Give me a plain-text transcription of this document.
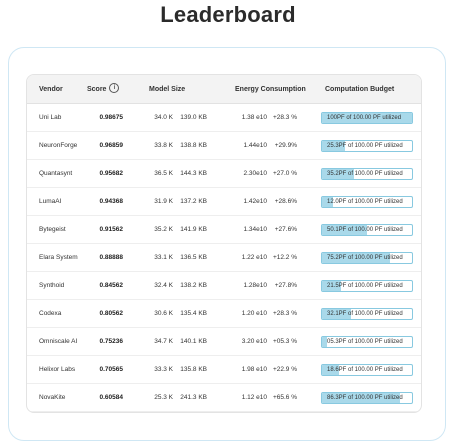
Leaderboard
Vendor	Score i	Model Size	Energy Consumption	Computation Budget
Uni Lab	0.98675	34.0 K 139.0 KB	1.38 e10 +28.3 %	100PF of 100.00 PF utilized
NeuronForge	0.96859	33.8 K 138.8 KB	1.44e10	+29.9%	25.3PF of 100.00 PF utilized
Quantasynt	0.95682	36.5 K 144.3 KB	2.30e10 +27.0 %	35.2PF of 100.00 PF utilized
LumaAI	0.94368	31.9 K 137.2 KB	1.42e10	+28.6%	12.0PF of 100.00 PF utilized
Bytegeist	0.91562	35.2 K 141.9 KB	1.34e10	+27.6%	50.1PF of 100.00 PF utilized
Elara System	0.88888	33.1 K 136.5 KB	1.22 e10 +12.2 %	75.2PF of 100.00 PF utilized
Synthoid	0.84562	32.4 K 138.2 KB	1.28e10	+27.8%	21.5PF of 100.00 PF utilized
Codexa	0.80562	30.6 K 135.4 KB	1.20 e10 +28.3 %	32.1PF of 100.00 PF utilized
Omniscale AI	0.75236	34.7 K 140.1 KB	3.20 e10 +05.3 %	05.3PF of 100.00 PF utilized
Helixor Labs	0.70565	33.3 K 135.8 KB	1.98 e10 +22.9 %	18.6PF of 100.00 PF utilized
NovaKite	0.60584	25.3 K 241.3 KB	1.12 e10 +65.6 %	86.3PF of 100.00 PF utilized
